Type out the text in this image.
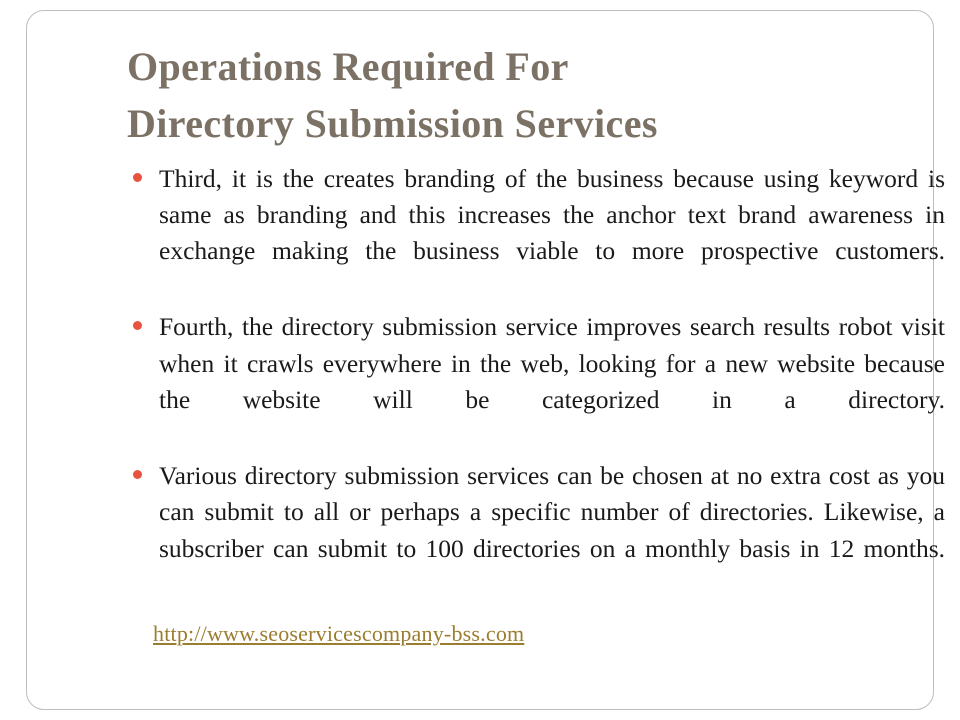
Operations Required For
Directory Submission Services
Third, it is the creates branding of the business because using keyword is same as branding and this increases the anchor text brand awareness in exchange making the business viable to more prospective customers.
Fourth, the directory submission service improves search results robot visit when it crawls everywhere in the web, looking for a new website because the website will be categorized in a directory.
Various directory submission services can be chosen at no extra cost as you can submit to all or perhaps a specific number of directories. Likewise, a subscriber can submit to 100 directories on a monthly basis in 12 months.
http://www.seoservicescompany-bss.com
